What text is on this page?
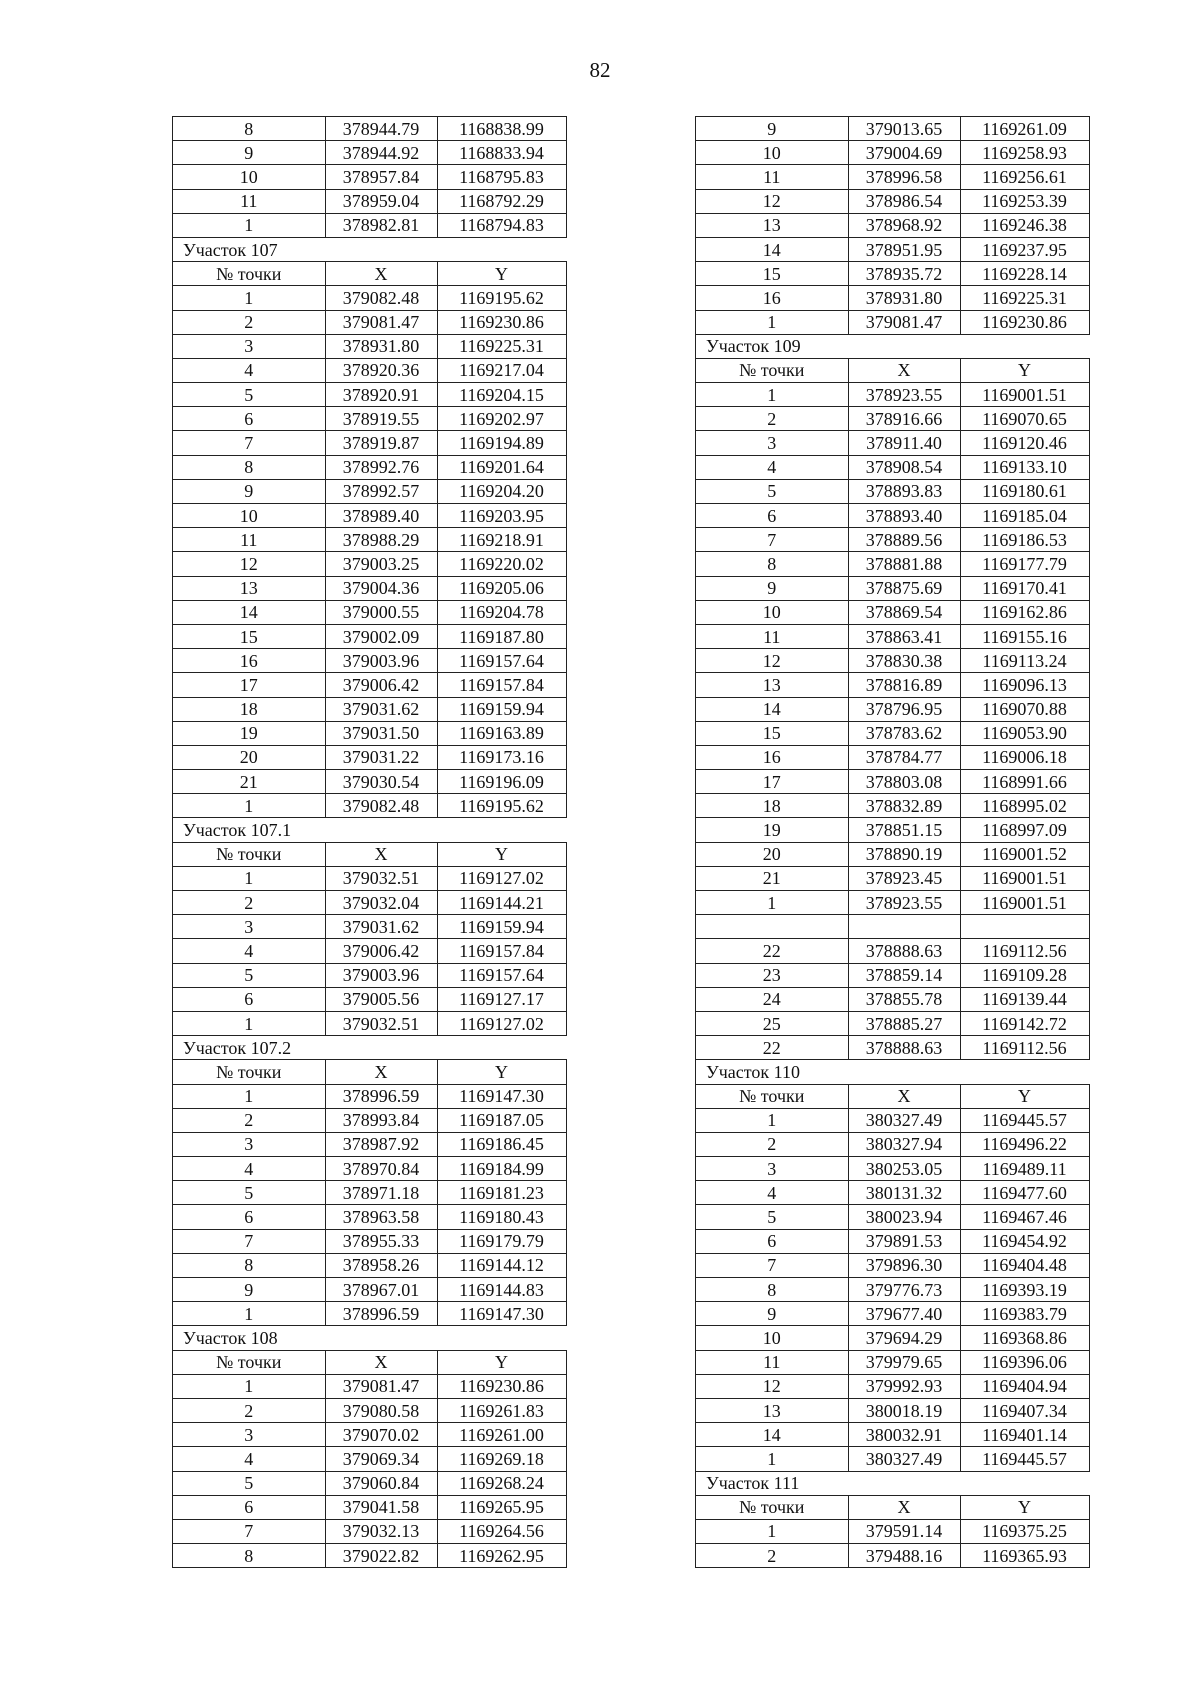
82
8	378944.79	1168838.99
9	378944.92	1168833.94
10	378957.84	1168795.83
11	378959.04	1168792.29
1	378982.81	1168794.83
Участок 107		
№ точки	X	Y
1	379082.48	1169195.62
2	379081.47	1169230.86
3	378931.80	1169225.31
4	378920.36	1169217.04
5	378920.91	1169204.15
6	378919.55	1169202.97
7	378919.87	1169194.89
8	378992.76	1169201.64
9	378992.57	1169204.20
10	378989.40	1169203.95
11	378988.29	1169218.91
12	379003.25	1169220.02
13	379004.36	1169205.06
14	379000.55	1169204.78
15	379002.09	1169187.80
16	379003.96	1169157.64
17	379006.42	1169157.84
18	379031.62	1169159.94
19	379031.50	1169163.89
20	379031.22	1169173.16
21	379030.54	1169196.09
1	379082.48	1169195.62
Участок 107.1		
№ точки	X	Y
1	379032.51	1169127.02
2	379032.04	1169144.21
3	379031.62	1169159.94
4	379006.42	1169157.84
5	379003.96	1169157.64
6	379005.56	1169127.17
1	379032.51	1169127.02
Участок 107.2		
№ точки	X	Y
1	378996.59	1169147.30
2	378993.84	1169187.05
3	378987.92	1169186.45
4	378970.84	1169184.99
5	378971.18	1169181.23
6	378963.58	1169180.43
7	378955.33	1169179.79
8	378958.26	1169144.12
9	378967.01	1169144.83
1	378996.59	1169147.30
Участок 108		
№ точки	X	Y
1	379081.47	1169230.86
2	379080.58	1169261.83
3	379070.02	1169261.00
4	379069.34	1169269.18
5	379060.84	1169268.24
6	379041.58	1169265.95
7	379032.13	1169264.56
8	379022.82	1169262.95
9	379013.65	1169261.09
10	379004.69	1169258.93
11	378996.58	1169256.61
12	378986.54	1169253.39
13	378968.92	1169246.38
14	378951.95	1169237.95
15	378935.72	1169228.14
16	378931.80	1169225.31
1	379081.47	1169230.86
Участок 109		
№ точки	X	Y
1	378923.55	1169001.51
2	378916.66	1169070.65
3	378911.40	1169120.46
4	378908.54	1169133.10
5	378893.83	1169180.61
6	378893.40	1169185.04
7	378889.56	1169186.53
8	378881.88	1169177.79
9	378875.69	1169170.41
10	378869.54	1169162.86
11	378863.41	1169155.16
12	378830.38	1169113.24
13	378816.89	1169096.13
14	378796.95	1169070.88
15	378783.62	1169053.90
16	378784.77	1169006.18
17	378803.08	1168991.66
18	378832.89	1168995.02
19	378851.15	1168997.09
20	378890.19	1169001.52
21	378923.45	1169001.51
1	378923.55	1169001.51

22	378888.63	1169112.56
23	378859.14	1169109.28
24	378855.78	1169139.44
25	378885.27	1169142.72
22	378888.63	1169112.56
Участок 110		
№ точки	X	Y
1	380327.49	1169445.57
2	380327.94	1169496.22
3	380253.05	1169489.11
4	380131.32	1169477.60
5	380023.94	1169467.46
6	379891.53	1169454.92
7	379896.30	1169404.48
8	379776.73	1169393.19
9	379677.40	1169383.79
10	379694.29	1169368.86
11	379979.65	1169396.06
12	379992.93	1169404.94
13	380018.19	1169407.34
14	380032.91	1169401.14
1	380327.49	1169445.57
Участок 111		
№ точки	X	Y
1	379591.14	1169375.25
2	379488.16	1169365.93
